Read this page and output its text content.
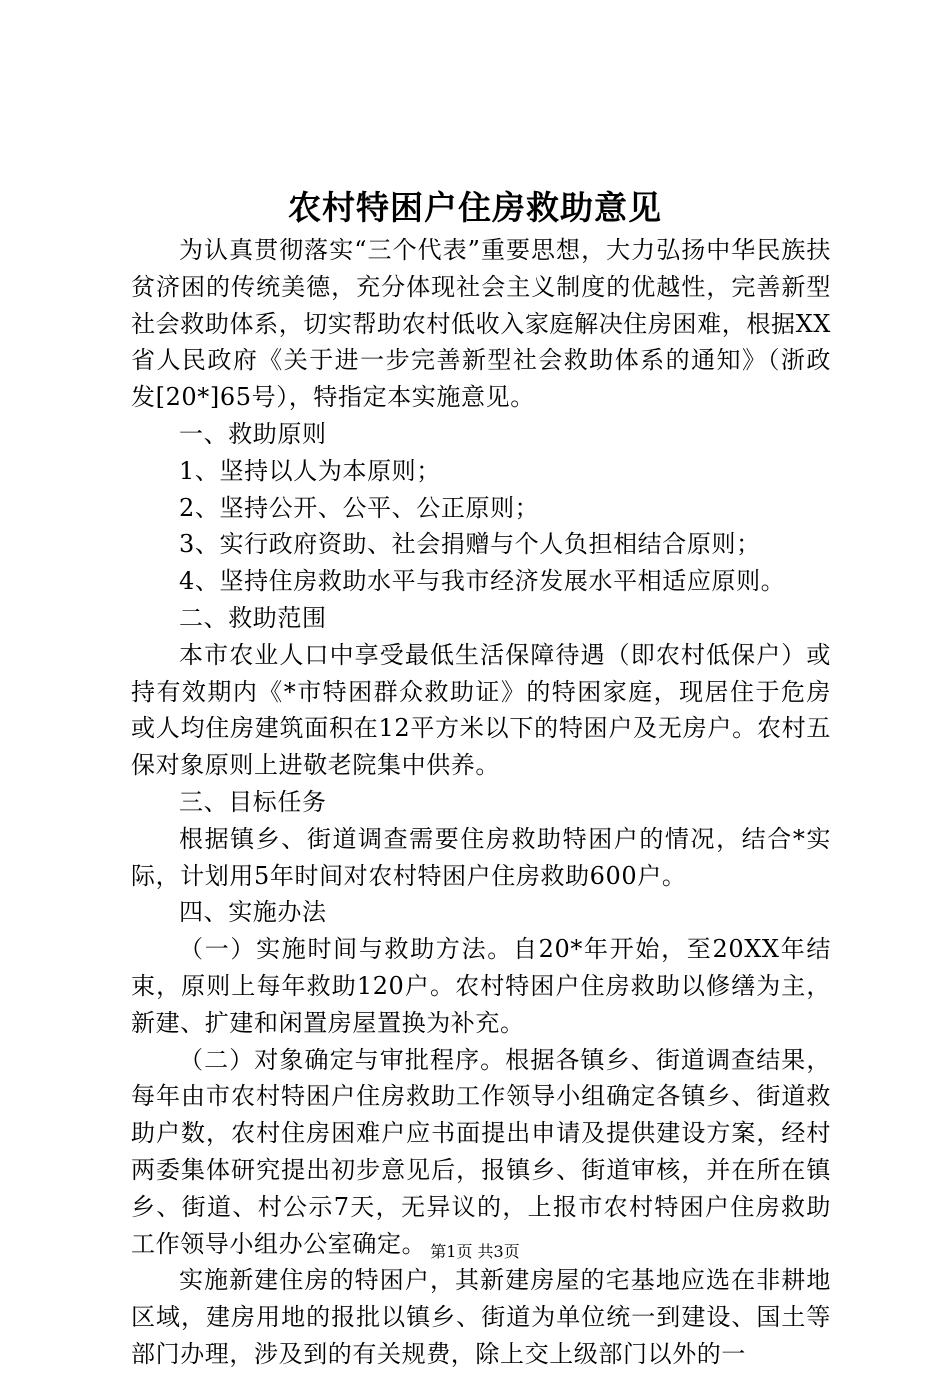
农村特困户住房救助意见

为认真贯彻落实“三个代表”重要思想，大力弘扬中华民族扶贫济困的传统美德，充分体现社会主义制度的优越性，完善新型社会救助体系，切实帮助农村低收入家庭解决住房困难，根据XX省人民政府《关于进一步完善新型社会救助体系的通知》（浙政发[20*]65号），特指定本实施意见。

一、救助原则

1、坚持以人为本原则；

2、坚持公开、公平、公正原则；

3、实行政府资助、社会捐赠与个人负担相结合原则；

4、坚持住房救助水平与我市经济发展水平相适应原则。

二、救助范围

本市农业人口中享受最低生活保障待遇（即农村低保户）或持有效期内《*市特困群众救助证》的特困家庭，现居住于危房或人均住房建筑面积在12平方米以下的特困户及无房户。农村五保对象原则上进敬老院集中供养。

三、目标任务

根据镇乡、街道调查需要住房救助特困户的情况，结合*实际，计划用5年时间对农村特困户住房救助600户。

四、实施办法

（一）实施时间与救助方法。自20*年开始，至20XX年结束，原则上每年救助120户。农村特困户住房救助以修缮为主，新建、扩建和闲置房屋置换为补充。

（二）对象确定与审批程序。根据各镇乡、街道调查结果，每年由市农村特困户住房救助工作领导小组确定各镇乡、街道救助户数，农村住房困难户应书面提出申请及提供建设方案，经村两委集体研究提出初步意见后，报镇乡、街道审核，并在所在镇乡、街道、村公示7天，无异议的，上报市农村特困户住房救助工作领导小组办公室确定。

实施新建住房的特困户，其新建房屋的宅基地应选在非耕地区域，建房用地的报批以镇乡、街道为单位统一到建设、国土等部门办理，涉及到的有关规费，除上交上级部门以外的一

第1页 共3页
